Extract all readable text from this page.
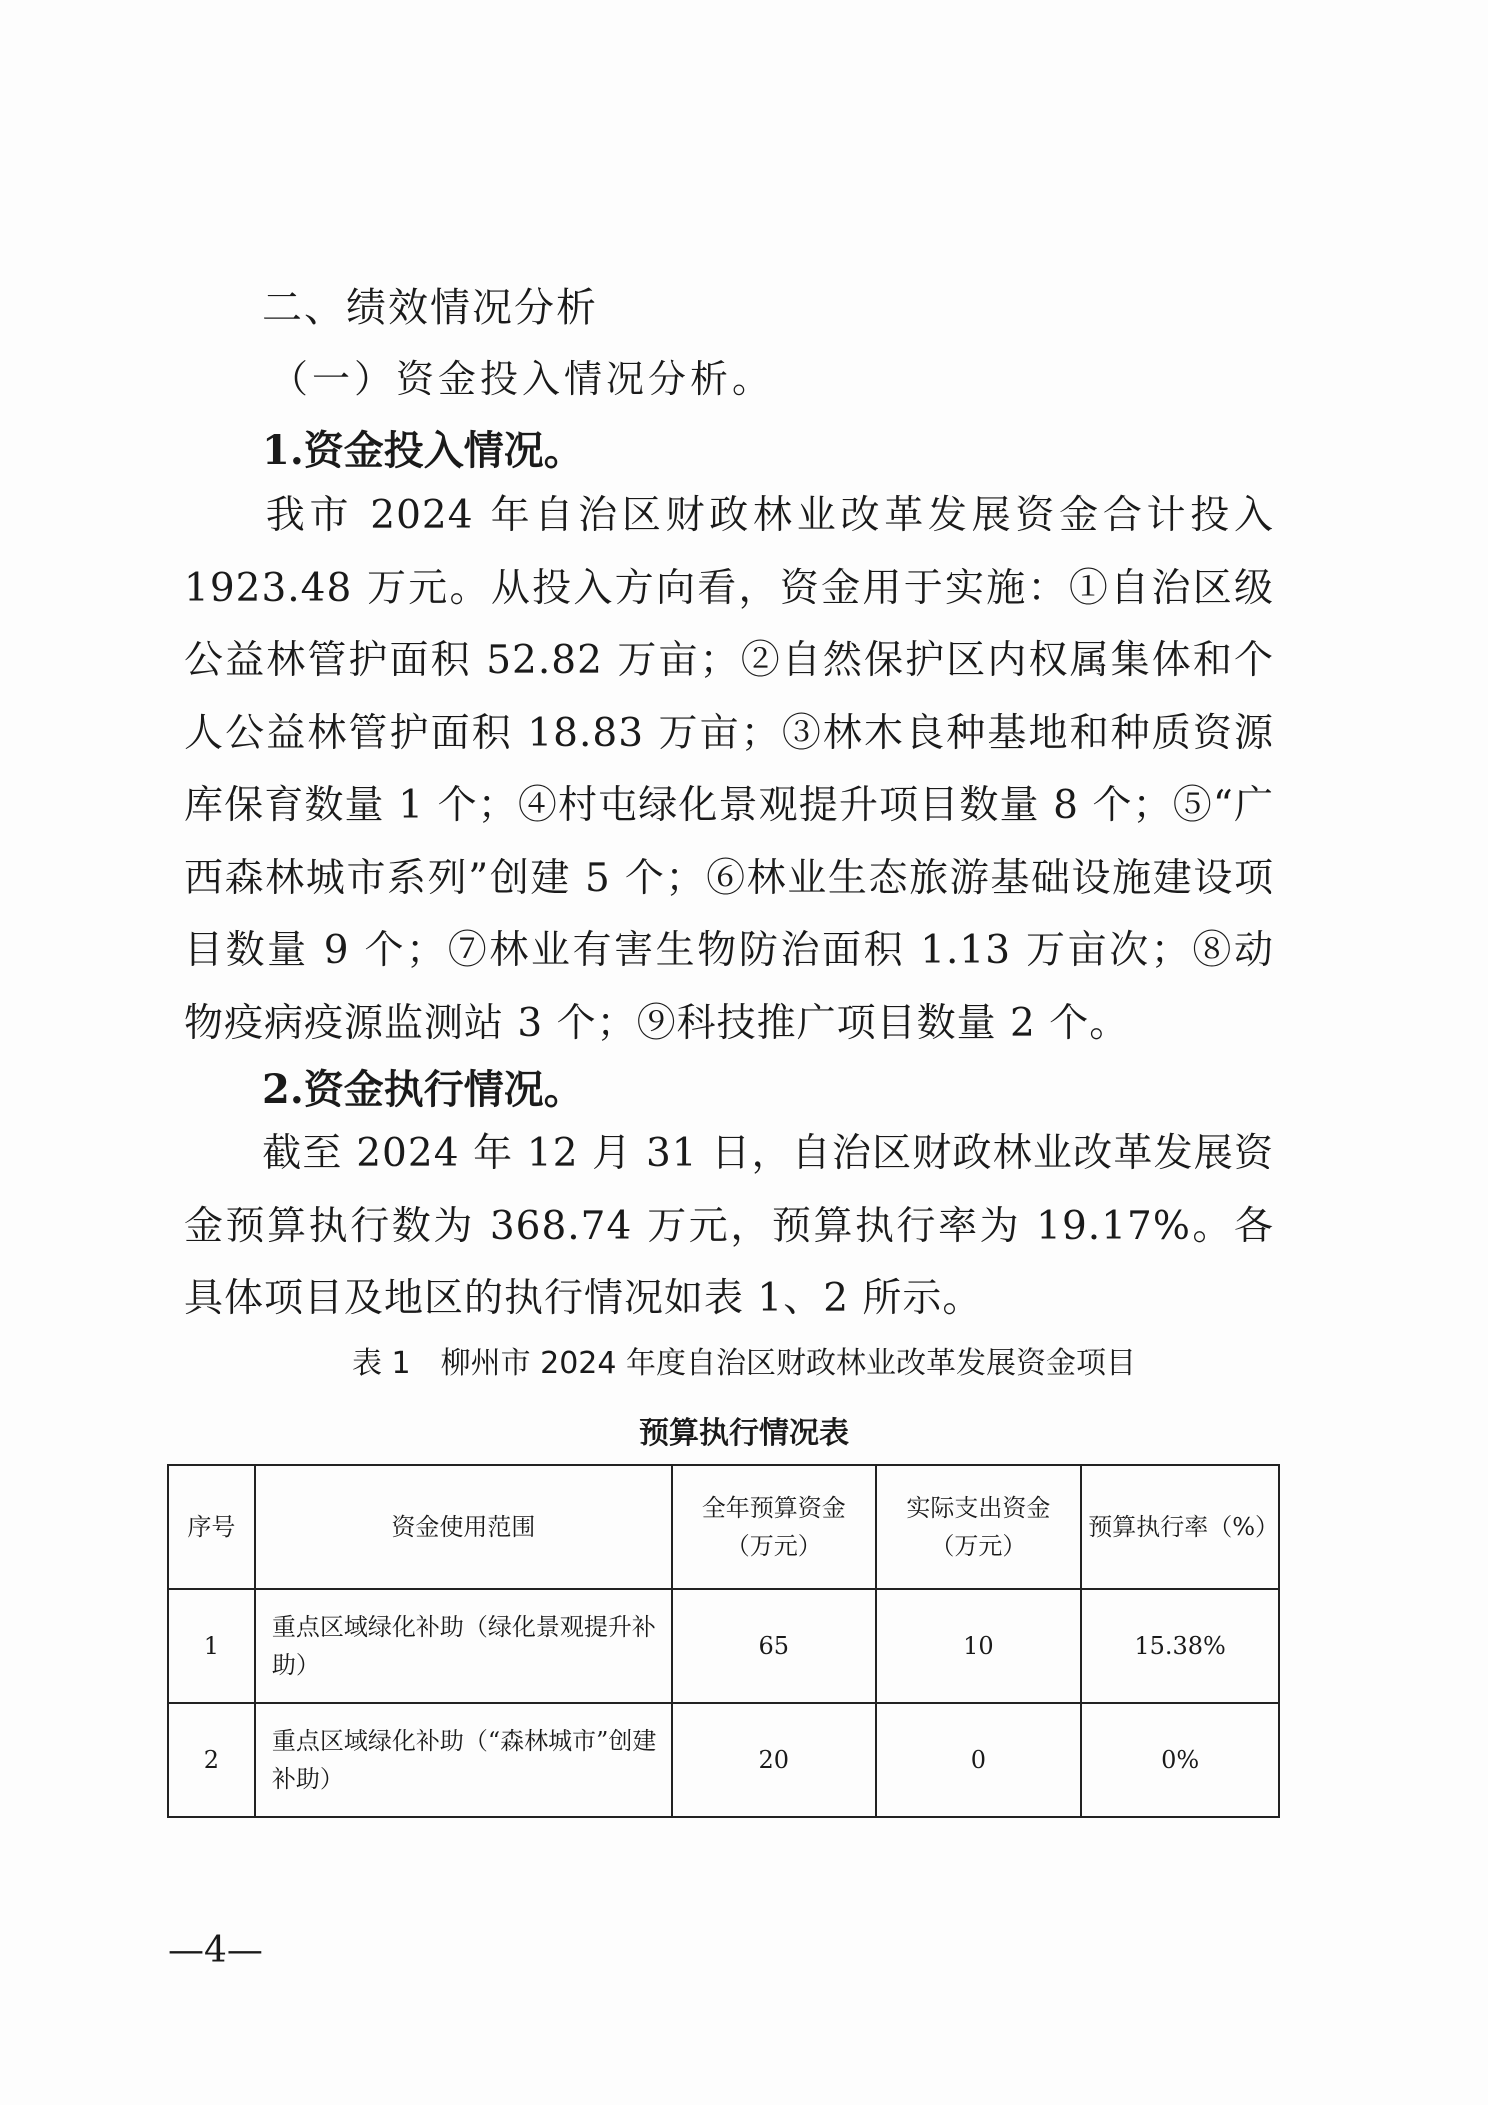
二、绩效情况分析
（一）资金投入情况分析。
1.资金投入情况。
我市 2024 年自治区财政林业改革发展资金合计投入 1923.48 万元。从投入方向看，资金用于实施：①自治区级公益林管护面积 52.82 万亩；②自然保护区内权属集体和个人公益林管护面积 18.83 万亩；③林木良种基地和种质资源库保育数量 1 个；④村屯绿化景观提升项目数量 8 个；⑤“广西森林城市系列”创建 5 个；⑥林业生态旅游基础设施建设项目数量 9 个；⑦林业有害生物防治面积 1.13 万亩次；⑧动物疫病疫源监测站 3 个；⑨科技推广项目数量 2 个。
2.资金执行情况。
截至 2024 年 12 月 31 日，自治区财政林业改革发展资金预算执行数为 368.74 万元，预算执行率为 19.17%。各具体项目及地区的执行情况如表 1、2 所示。
表 1　柳州市 2024 年度自治区财政林业改革发展资金项目
预算执行情况表
序号	资金使用范围	全年预算资金（万元）	实际支出资金（万元）	预算执行率（%）
1	重点区域绿化补助（绿化景观提升补助）	65	10	15.38%
2	重点区域绿化补助（“森林城市”创建补助）	20	0	0%
—4—
